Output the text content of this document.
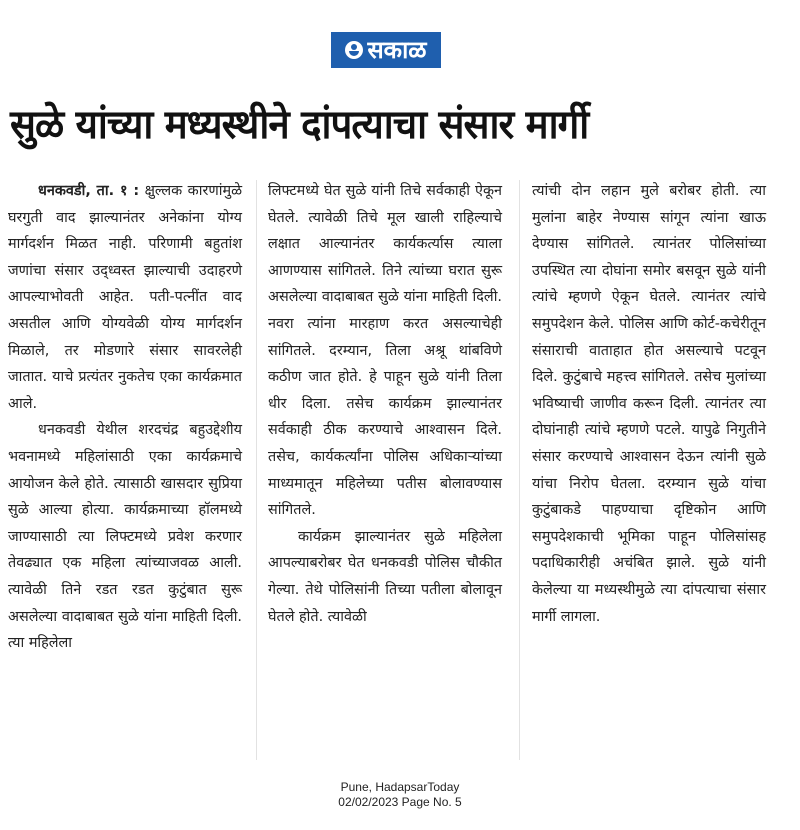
सकाळ
सुळे यांच्या मध्यस्थीने दांपत्याचा संसार मार्गी

धनकवडी, ता. १ : क्षुल्लक कारणांमुळे घरगुती वाद झाल्यानंतर अनेकांना योग्य मार्गदर्शन मिळत नाही. परिणामी बहुतांश जणांचा संसार उद्ध्वस्त झाल्याची उदाहरणे आपल्याभोवती आहेत. पती-पत्नींत वाद असतील आणि योग्यवेळी योग्य मार्गदर्शन मिळाले, तर मोडणारे संसार सावरलेही जातात. याचे प्रत्यंतर नुकतेच एका कार्यक्रमात आले.

धनकवडी येथील शरदचंद्र बहुउद्देशीय भवनामध्ये महिलांसाठी एका कार्यक्रमाचे आयोजन केले होते. त्यासाठी खासदार सुप्रिया सुळे आल्या होत्या. कार्यक्रमाच्या हॉलमध्ये जाण्यासाठी त्या लिफ्टमध्ये प्रवेश करणार तेवढ्यात एक महिला त्यांच्याजवळ आली. त्यावेळी तिने रडत रडत कुटुंबात सुरू असलेल्या वादाबाबत सुळे यांना माहिती दिली. त्या महिलेला

लिफ्टमध्ये घेत सुळे यांनी तिचे सर्वकाही ऐकून घेतले. त्यावेळी तिचे मूल खाली राहिल्याचे लक्षात आल्यानंतर कार्यकर्त्यास त्याला आणण्यास सांगितले. तिने त्यांच्या घरात सुरू असलेल्या वादाबाबत सुळे यांना माहिती दिली. नवरा त्यांना मारहाण करत असल्याचेही सांगितले. दरम्यान, तिला अश्रू थांबविणे कठीण जात होते. हे पाहून सुळे यांनी तिला धीर दिला. तसेच कार्यक्रम झाल्यानंतर सर्वकाही ठीक करण्याचे आश्वासन दिले. तसेच, कार्यकर्त्यांना पोलिस अधिकाऱ्यांच्या माध्यमातून महिलेच्या पतीस बोलावण्यास सांगितले.

कार्यक्रम झाल्यानंतर सुळे महिलेला आपल्याबरोबर घेत धनकवडी पोलिस चौकीत गेल्या. तेथे पोलिसांनी तिच्या पतीला बोलावून घेतले होते. त्यावेळी

त्यांची दोन लहान मुले बरोबर होती. त्या मुलांना बाहेर नेण्यास सांगून त्यांना खाऊ देण्यास सांगितले. त्यानंतर पोलिसांच्या उपस्थित त्या दोघांना समोर बसवून सुळे यांनी त्यांचे म्हणणे ऐकून घेतले. त्यानंतर त्यांचे समुपदेशन केले. पोलिस आणि कोर्ट-कचेरीतून संसाराची वाताहात होत असल्याचे पटवून दिले. कुटुंबाचे महत्त्व सांगितले. तसेच मुलांच्या भविष्याची जाणीव करून दिली. त्यानंतर त्या दोघांनाही त्यांचे म्हणणे पटले. यापुढे निगुतीने संसार करण्याचे आश्वासन देऊन त्यांनी सुळे यांचा निरोप घेतला. दरम्यान सुळे यांचा कुटुंबाकडे पाहण्याचा दृष्टिकोन आणि समुपदेशकाची भूमिका पाहून पोलिसांसह पदाधिकारीही अचंबित झाले. सुळे यांनी केलेल्या या मध्यस्थीमुळे त्या दांपत्याचा संसार मार्गी लागला.

Pune, HadapsarToday
02/02/2023 Page No. 5
